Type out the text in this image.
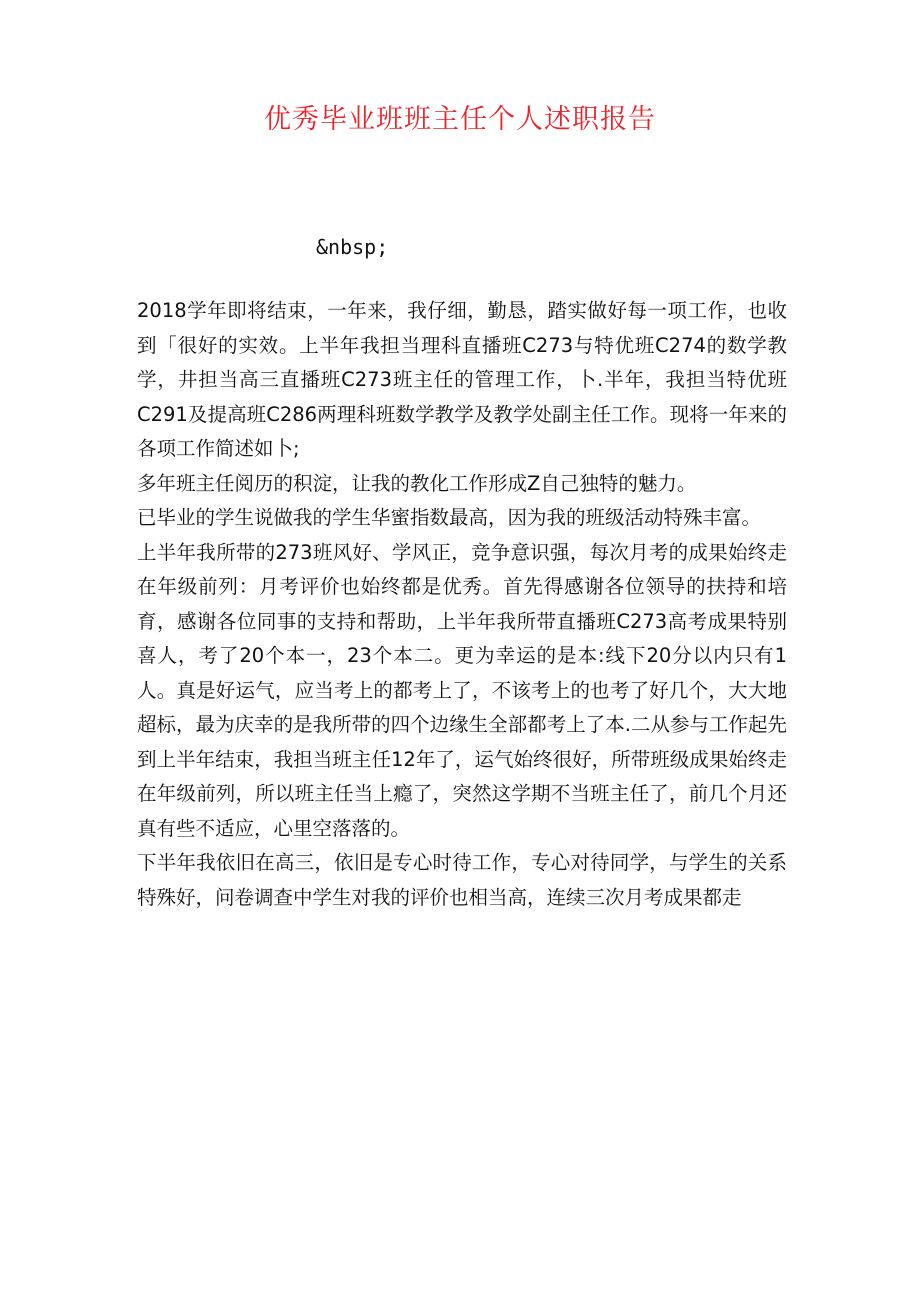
优秀毕业班班主任个人述职报告
&nbsp;

2018学年即将结束，一年来，我仔细，勤恳，踏实做好每一项工作，也收到「很好的实效。上半年我担当理科直播班C273与特优班C274的数学教学，井担当高三直播班C273班主任的管理工作，卜.半年，我担当特优班C291及提高班C286两理科班数学教学及教学处副主任工作。现将一年来的各项工作简述如卜;

多年班主任阅历的积淀，让我的教化工作形成Z自己独特的魅力。

已毕业的学生说做我的学生华蜜指数最高，因为我的班级活动特殊丰富。

上半年我所带的273班风好、学风正，竞争意识强，每次月考的成果始终走在年级前列：月考评价也始终都是优秀。首先得感谢各位领导的扶持和培育，感谢各位同事的支持和帮助，上半年我所带直播班C273高考成果特别喜人，考了20个本一，23个本二。更为幸运的是本:线下20分以内只有1人。真是好运气，应当考上的都考上了，不该考上的也考了好几个，大大地超标，最为庆幸的是我所带的四个边缘生全部都考上了本.二从参与工作起先到上半年结束，我担当班主任12年了，运气始终很好，所带班级成果始终走在年级前列，所以班主任当上瘾了，突然这学期不当班主任了，前几个月还真有些不适应，心里空落落的。

下半年我依旧在高三，依旧是专心时待工作，专心对待同学，与学生的关系特殊好，问卷调查中学生对我的评价也相当高，连续三次月考成果都走
